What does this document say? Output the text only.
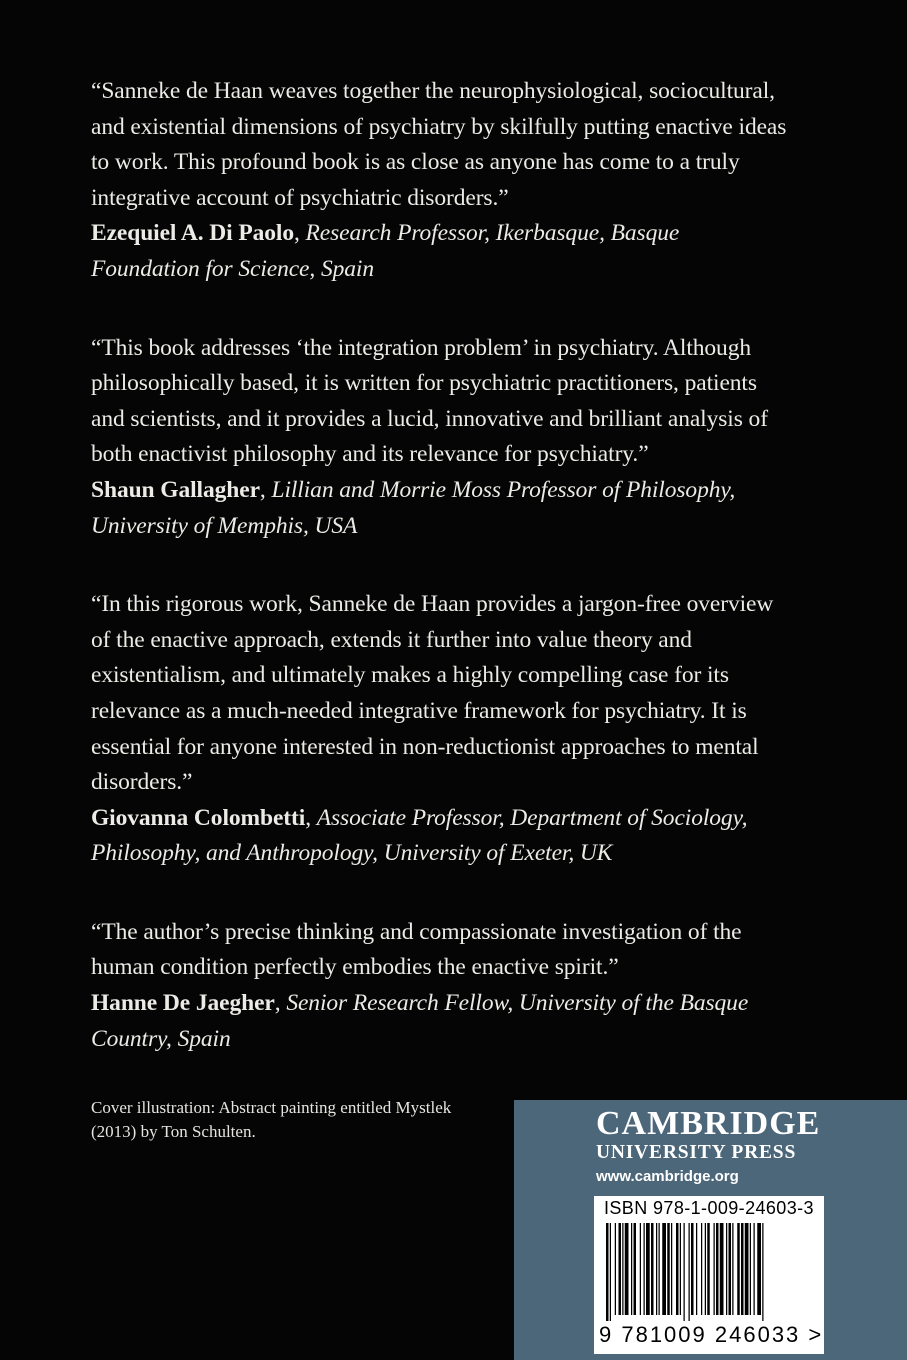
“Sanneke de Haan weaves together the neurophysiological, sociocultural, and existential dimensions of psychiatry by skilfully putting enactive ideas to work. This profound book is as close as anyone has come to a truly integrative account of psychiatric disorders.”

Ezequiel A. Di Paolo, Research Professor, Ikerbasque, Basque Foundation for Science, Spain

“This book addresses ‘the integration problem’ in psychiatry. Although philosophically based, it is written for psychiatric practitioners, patients and scientists, and it provides a lucid, innovative and brilliant analysis of both enactivist philosophy and its relevance for psychiatry.”

Shaun Gallagher, Lillian and Morrie Moss Professor of Philosophy, University of Memphis, USA

“In this rigorous work, Sanneke de Haan provides a jargon-free overview of the enactive approach, extends it further into value theory and existentialism, and ultimately makes a highly compelling case for its relevance as a much-needed integrative framework for psychiatry. It is essential for anyone interested in non-reductionist approaches to mental disorders.”

Giovanna Colombetti, Associate Professor, Department of Sociology, Philosophy, and Anthropology, University of Exeter, UK

“The author’s precise thinking and compassionate investigation of the human condition perfectly embodies the enactive spirit.”

Hanne De Jaegher, Senior Research Fellow, University of the Basque Country, Spain

Cover illustration: Abstract painting entitled Mystlek (2013) by Ton Schulten.	CAMBRIDGE
UNIVERSITY PRESS
www.cambridge.org
ISBN 978-1-009-24603-3
9 781009 246033 >
